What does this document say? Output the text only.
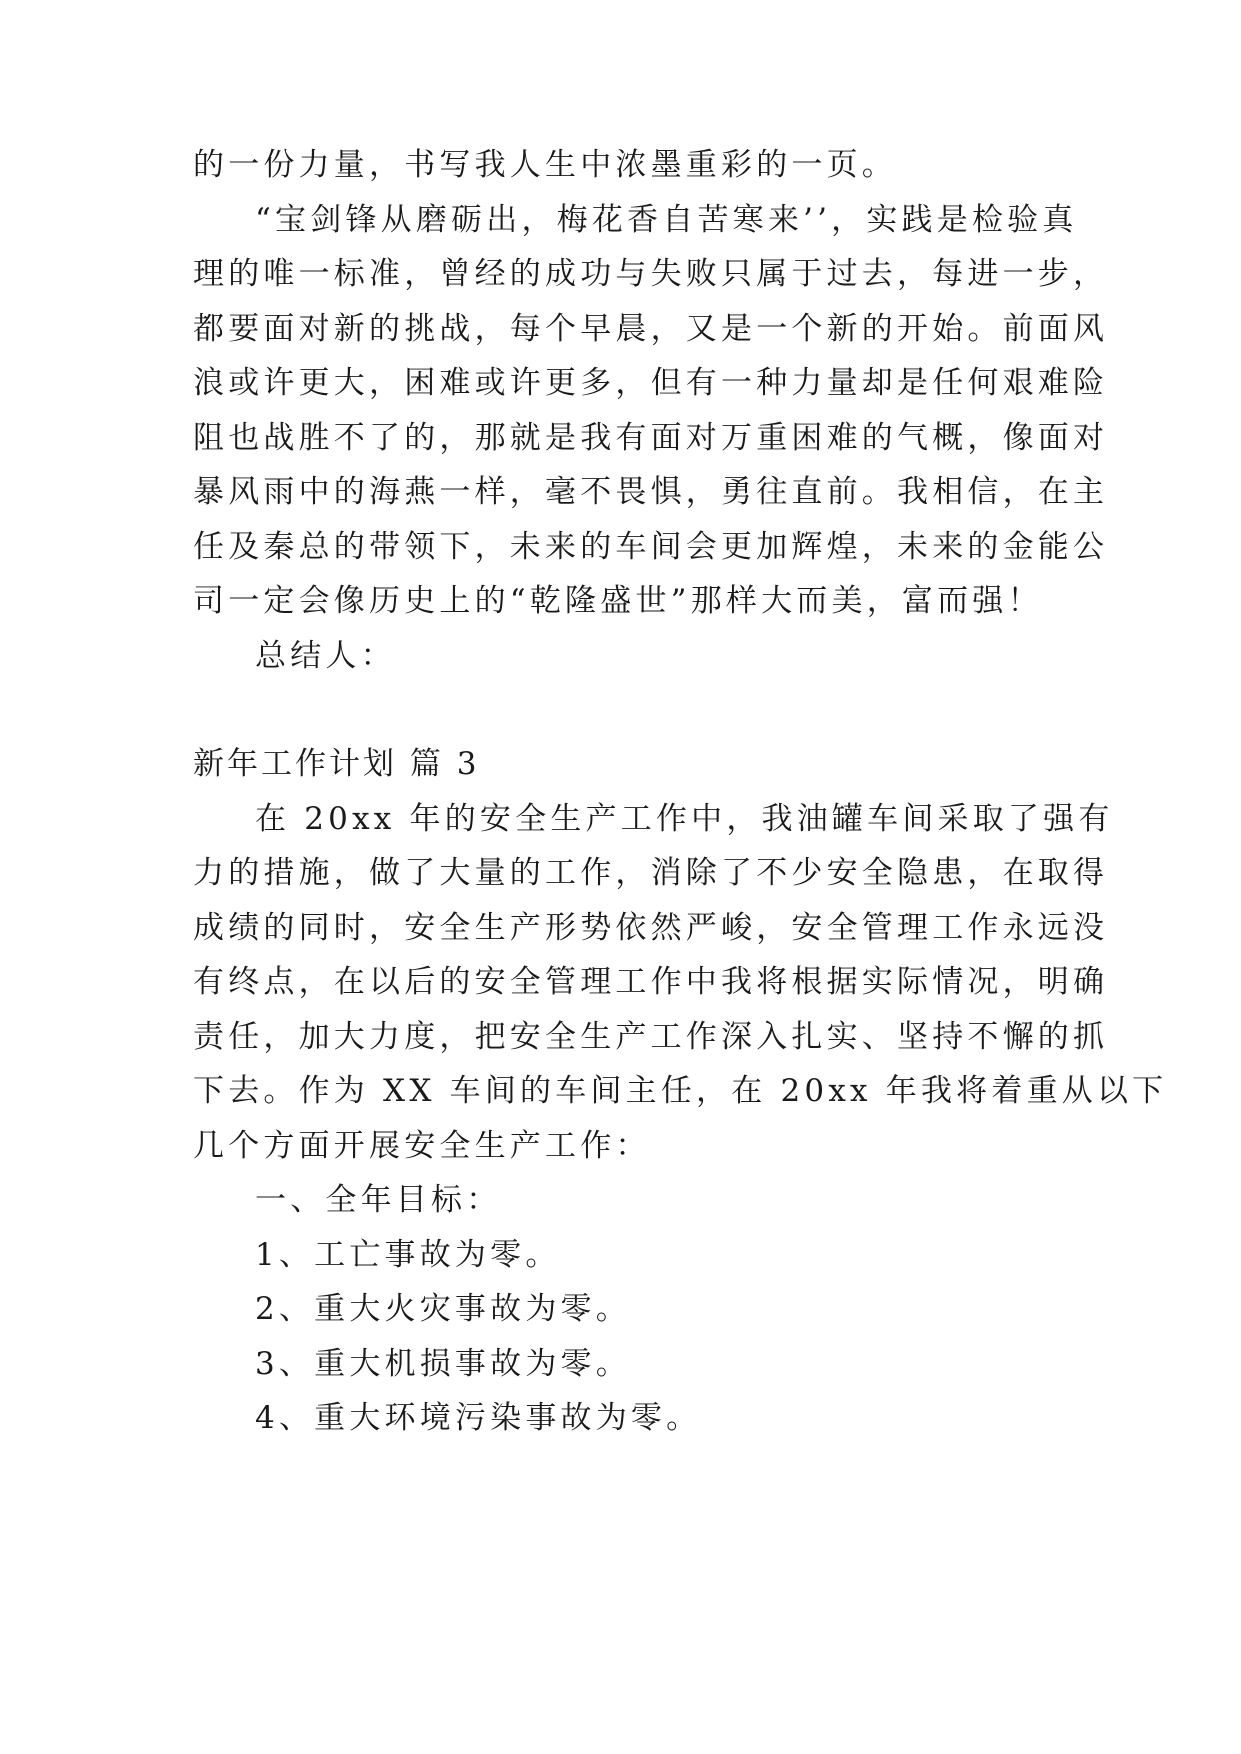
的一份力量，书写我人生中浓墨重彩的一页。
“宝剑锋从磨砺出，梅花香自苦寒来’’，实践是检验真
理的唯一标准，曾经的成功与失败只属于过去，每进一步，
都要面对新的挑战，每个早晨，又是一个新的开始。前面风
浪或许更大，困难或许更多，但有一种力量却是任何艰难险
阻也战胜不了的，那就是我有面对万重困难的气概，像面对
暴风雨中的海燕一样，毫不畏惧，勇往直前。我相信，在主
任及秦总的带领下，未来的车间会更加辉煌，未来的金能公
司一定会像历史上的“乾隆盛世”那样大而美，富而强！
总结人：
新年工作计划 篇 3
在 20xx 年的安全生产工作中，我油罐车间采取了强有
力的措施，做了大量的工作，消除了不少安全隐患，在取得
成绩的同时，安全生产形势依然严峻，安全管理工作永远没
有终点，在以后的安全管理工作中我将根据实际情况，明确
责任，加大力度，把安全生产工作深入扎实、坚持不懈的抓
下去。作为 XX 车间的车间主任，在 20xx 年我将着重从以下
几个方面开展安全生产工作：
一、全年目标：
1、工亡事故为零。
2、重大火灾事故为零。
3、重大机损事故为零。
4、重大环境污染事故为零。
